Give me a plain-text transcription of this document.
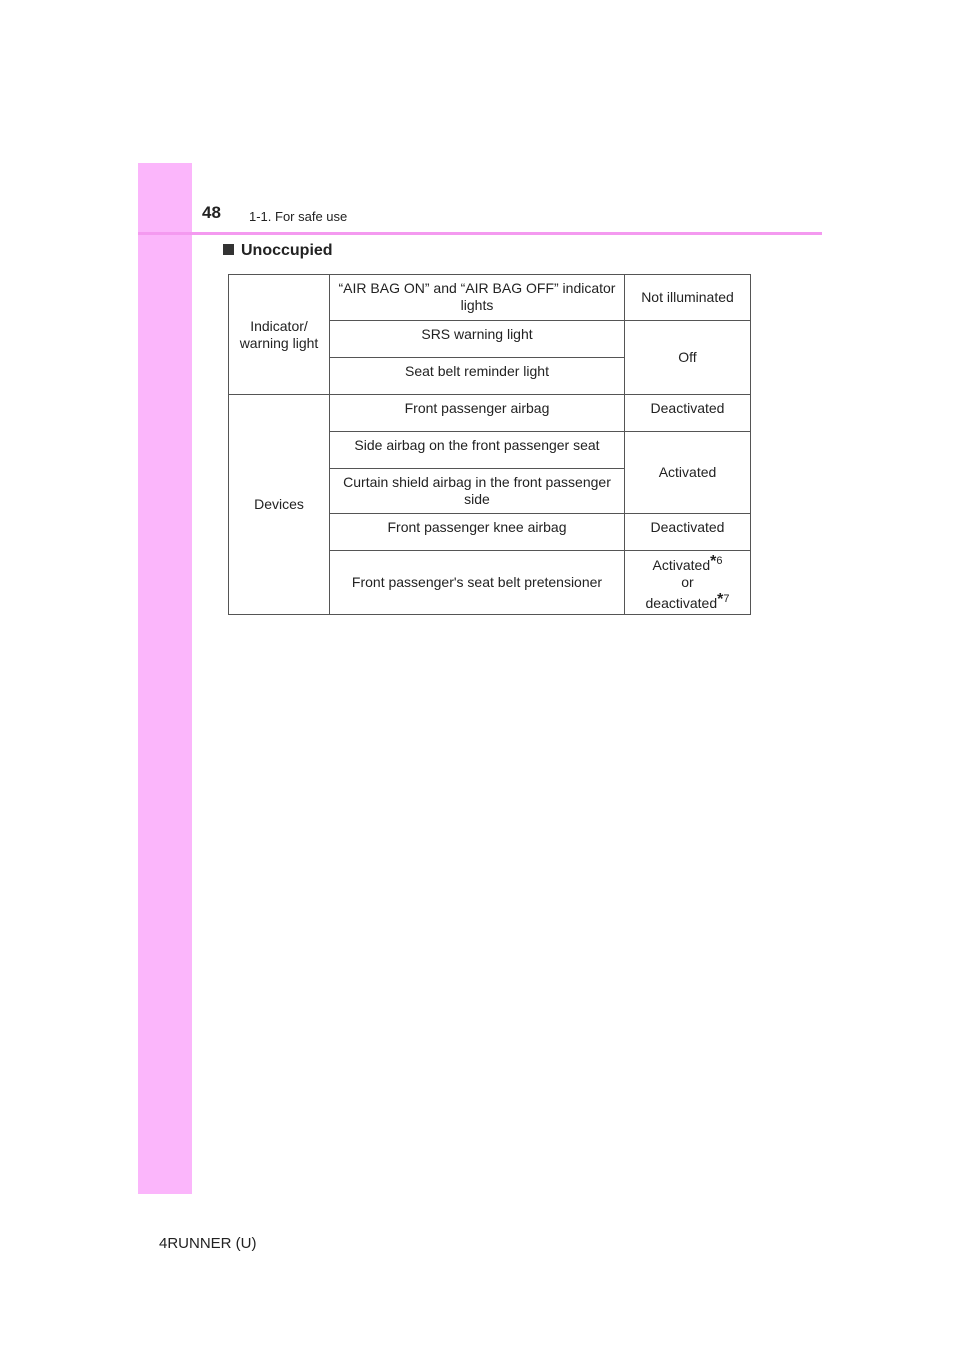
48 1-1. For safe use
Unoccupied
Indicator/ warning light	“AIR BAG ON” and “AIR BAG OFF” indicator lights	Not illuminated
	SRS warning light	Off
	Seat belt reminder light	
Devices	Front passenger airbag	Deactivated
	Side airbag on the front passenger seat	Activated
	Curtain shield airbag in the front passenger side	
	Front passenger knee airbag	Deactivated
	Front passenger's seat belt pretensioner	Activated*$^6$
or
deactivated*$^7$
4RUNNER (U)
